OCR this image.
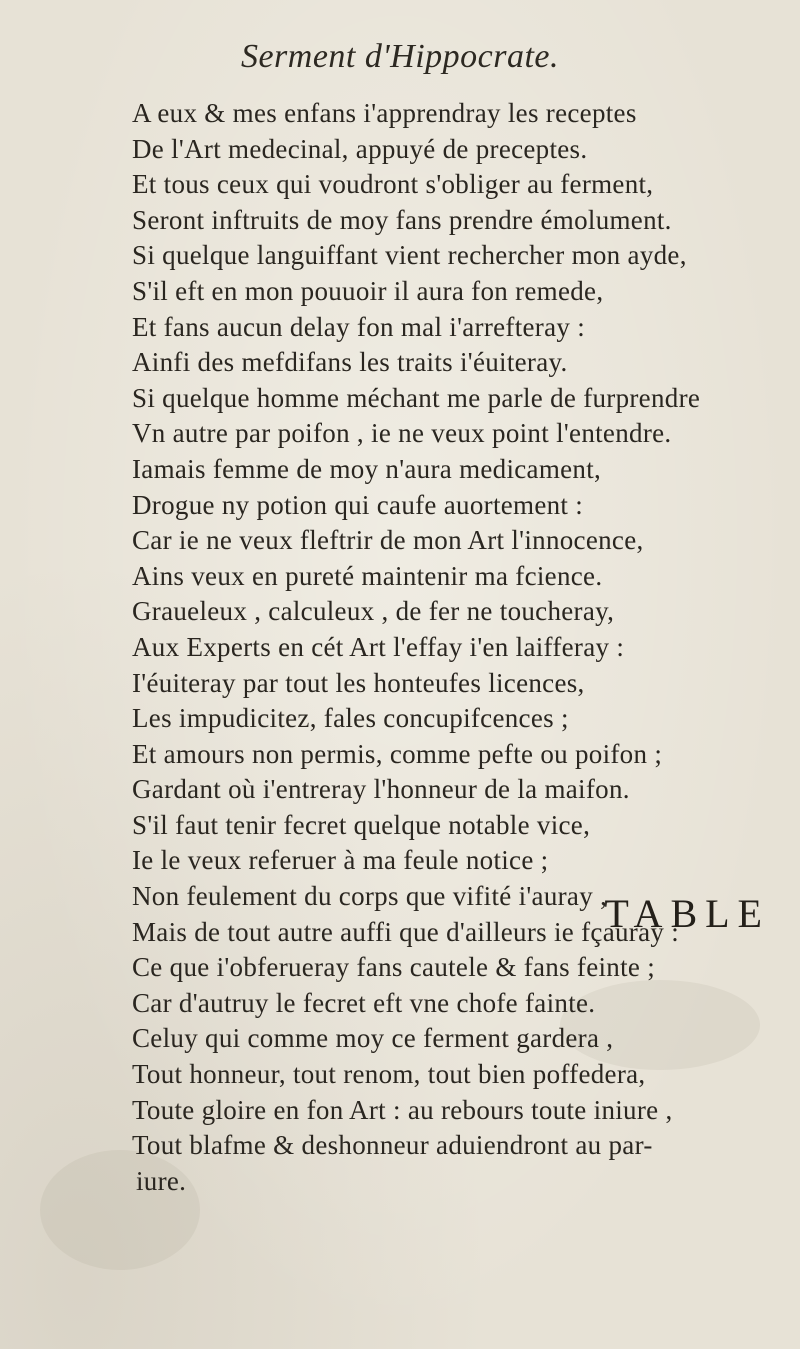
Serment d'Hippocrate.
A eux & mes enfans i'apprendray les receptes
De l'Art medecinal, appuyé de preceptes.
Et tous ceux qui voudront s'obliger au ferment,
Seront inftruits de moy fans prendre émolument.
Si quelque languiffant vient rechercher mon ayde,
S'il eft en mon pouuoir il aura fon remede,
Et fans aucun delay fon mal i'arrefteray :
Ainfi des mefdifans les traits i'éuiteray.
Si quelque homme méchant me parle de furprendre
Vn autre par poifon , ie ne veux point l'entendre.
Iamais femme de moy n'aura medicament,
Drogue ny potion qui caufe auortement :
Car ie ne veux fleftrir de mon Art l'innocence,
Ains veux en pureté maintenir ma fcience.
Graueleux , calculeux , de fer ne toucheray,
Aux Experts en cét Art l'effay i'en laifferay :
I'éuiteray par tout les honteufes licences,
Les impudicitez, fales concupifcences ;
Et amours non permis, comme pefte ou poifon ;
Gardant où i'entreray l'honneur de la maifon.
S'il faut tenir fecret quelque notable vice,
Ie le veux referuer à ma feule notice ;
Non feulement du corps que vifité i'auray ,
Mais de tout autre auffi que d'ailleurs ie fçauray :
Ce que i'obferueray fans cautele & fans feinte ;
Car d'autruy le fecret eft vne chofe fainte.
Celuy qui comme moy ce ferment gardera ,
Tout honneur, tout renom, tout bien poffedera,
Toute gloire en fon Art : au rebours toute iniure ,
Tout blafme & deshonneur aduiendront au par-
iure.
TABLE
